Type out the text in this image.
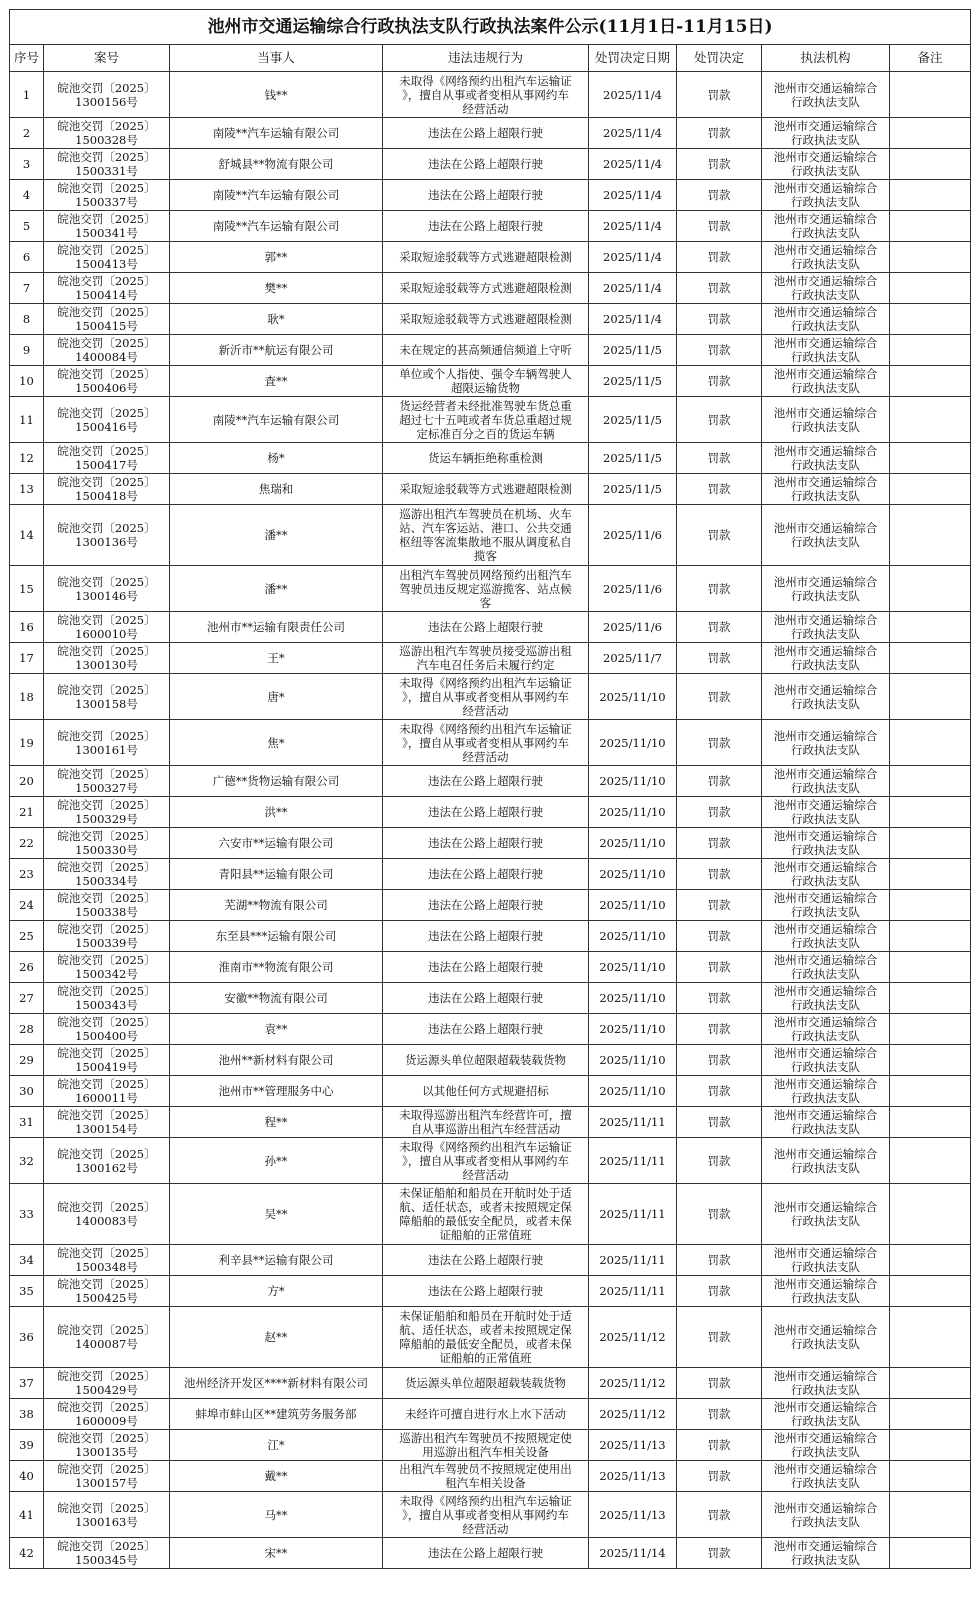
池州市交通运输综合行政执法支队行政执法案件公示(11月1日-11月15日)							
序号	案号	当事人	违法违规行为	处罚决定日期	处罚决定	执法机构	备注
1	皖池交罚〔2025〕
1300156号	钱**	未取得《网络预约出租汽车运输证
》，擅自从事或者变相从事网约车
经营活动	2025/11/4	罚款	池州市交通运输综合
行政执法支队	
2	皖池交罚〔2025〕
1500328号	南陵**汽车运输有限公司	违法在公路上超限行驶	2025/11/4	罚款	池州市交通运输综合
行政执法支队	
3	皖池交罚〔2025〕
1500331号	舒城县**物流有限公司	违法在公路上超限行驶	2025/11/4	罚款	池州市交通运输综合
行政执法支队	
4	皖池交罚〔2025〕
1500337号	南陵**汽车运输有限公司	违法在公路上超限行驶	2025/11/4	罚款	池州市交通运输综合
行政执法支队	
5	皖池交罚〔2025〕
1500341号	南陵**汽车运输有限公司	违法在公路上超限行驶	2025/11/4	罚款	池州市交通运输综合
行政执法支队	
6	皖池交罚〔2025〕
1500413号	郭**	采取短途驳载等方式逃避超限检测	2025/11/4	罚款	池州市交通运输综合
行政执法支队	
7	皖池交罚〔2025〕
1500414号	樊**	采取短途驳载等方式逃避超限检测	2025/11/4	罚款	池州市交通运输综合
行政执法支队	
8	皖池交罚〔2025〕
1500415号	耿*	采取短途驳载等方式逃避超限检测	2025/11/4	罚款	池州市交通运输综合
行政执法支队	
9	皖池交罚〔2025〕
1400084号	新沂市**航运有限公司	未在规定的甚高频通信频道上守听	2025/11/5	罚款	池州市交通运输综合
行政执法支队	
10	皖池交罚〔2025〕
1500406号	査**	单位或个人指使、强令车辆驾驶人
超限运输货物	2025/11/5	罚款	池州市交通运输综合
行政执法支队	
11	皖池交罚〔2025〕
1500416号	南陵**汽车运输有限公司	货运经营者未经批准驾驶车货总重
超过七十五吨或者车货总重超过规
定标准百分之百的货运车辆	2025/11/5	罚款	池州市交通运输综合
行政执法支队	
12	皖池交罚〔2025〕
1500417号	杨*	货运车辆拒绝称重检测	2025/11/5	罚款	池州市交通运输综合
行政执法支队	
13	皖池交罚〔2025〕
1500418号	焦瑞和	采取短途驳载等方式逃避超限检测	2025/11/5	罚款	池州市交通运输综合
行政执法支队	
14	皖池交罚〔2025〕
1300136号	潘**	巡游出租汽车驾驶员在机场、火车
站、汽车客运站、港口、公共交通
枢纽等客流集散地不服从调度私自
揽客	2025/11/6	罚款	池州市交通运输综合
行政执法支队	
15	皖池交罚〔2025〕
1300146号	潘**	出租汽车驾驶员网络预约出租汽车
驾驶员违反规定巡游揽客、站点候
客	2025/11/6	罚款	池州市交通运输综合
行政执法支队	
16	皖池交罚〔2025〕
1600010号	池州市**运输有限责任公司	违法在公路上超限行驶	2025/11/6	罚款	池州市交通运输综合
行政执法支队	
17	皖池交罚〔2025〕
1300130号	王*	巡游出租汽车驾驶员接受巡游出租
汽车电召任务后未履行约定	2025/11/7	罚款	池州市交通运输综合
行政执法支队	
18	皖池交罚〔2025〕
1300158号	唐*	未取得《网络预约出租汽车运输证
》，擅自从事或者变相从事网约车
经营活动	2025/11/10	罚款	池州市交通运输综合
行政执法支队	
19	皖池交罚〔2025〕
1300161号	焦*	未取得《网络预约出租汽车运输证
》，擅自从事或者变相从事网约车
经营活动	2025/11/10	罚款	池州市交通运输综合
行政执法支队	
20	皖池交罚〔2025〕
1500327号	广德**货物运输有限公司	违法在公路上超限行驶	2025/11/10	罚款	池州市交通运输综合
行政执法支队	
21	皖池交罚〔2025〕
1500329号	洪**	违法在公路上超限行驶	2025/11/10	罚款	池州市交通运输综合
行政执法支队	
22	皖池交罚〔2025〕
1500330号	六安市**运输有限公司	违法在公路上超限行驶	2025/11/10	罚款	池州市交通运输综合
行政执法支队	
23	皖池交罚〔2025〕
1500334号	青阳县**运输有限公司	违法在公路上超限行驶	2025/11/10	罚款	池州市交通运输综合
行政执法支队	
24	皖池交罚〔2025〕
1500338号	芜湖**物流有限公司	违法在公路上超限行驶	2025/11/10	罚款	池州市交通运输综合
行政执法支队	
25	皖池交罚〔2025〕
1500339号	东至县***运输有限公司	违法在公路上超限行驶	2025/11/10	罚款	池州市交通运输综合
行政执法支队	
26	皖池交罚〔2025〕
1500342号	淮南市**物流有限公司	违法在公路上超限行驶	2025/11/10	罚款	池州市交通运输综合
行政执法支队	
27	皖池交罚〔2025〕
1500343号	安徽**物流有限公司	违法在公路上超限行驶	2025/11/10	罚款	池州市交通运输综合
行政执法支队	
28	皖池交罚〔2025〕
1500400号	袁**	违法在公路上超限行驶	2025/11/10	罚款	池州市交通运输综合
行政执法支队	
29	皖池交罚〔2025〕
1500419号	池州**新材料有限公司	货运源头单位超限超载装载货物	2025/11/10	罚款	池州市交通运输综合
行政执法支队	
30	皖池交罚〔2025〕
1600011号	池州市**管理服务中心	以其他任何方式规避招标	2025/11/10	罚款	池州市交通运输综合
行政执法支队	
31	皖池交罚〔2025〕
1300154号	程**	未取得巡游出租汽车经营许可，擅
自从事巡游出租汽车经营活动	2025/11/11	罚款	池州市交通运输综合
行政执法支队	
32	皖池交罚〔2025〕
1300162号	孙**	未取得《网络预约出租汽车运输证
》，擅自从事或者变相从事网约车
经营活动	2025/11/11	罚款	池州市交通运输综合
行政执法支队	
33	皖池交罚〔2025〕
1400083号	吴**	未保证船舶和船员在开航时处于适
航、适任状态，或者未按照规定保
障船舶的最低安全配员，或者未保
证船舶的正常值班	2025/11/11	罚款	池州市交通运输综合
行政执法支队	
34	皖池交罚〔2025〕
1500348号	利辛县**运输有限公司	违法在公路上超限行驶	2025/11/11	罚款	池州市交通运输综合
行政执法支队	
35	皖池交罚〔2025〕
1500425号	方*	违法在公路上超限行驶	2025/11/11	罚款	池州市交通运输综合
行政执法支队	
36	皖池交罚〔2025〕
1400087号	赵**	未保证船舶和船员在开航时处于适
航、适任状态，或者未按照规定保
障船舶的最低安全配员，或者未保
证船舶的正常值班	2025/11/12	罚款	池州市交通运输综合
行政执法支队	
37	皖池交罚〔2025〕
1500429号	池州经济开发区****新材料有限公司	货运源头单位超限超载装载货物	2025/11/12	罚款	池州市交通运输综合
行政执法支队	
38	皖池交罚〔2025〕
1600009号	蚌埠市蚌山区**建筑劳务服务部	未经许可擅自进行水上水下活动	2025/11/12	罚款	池州市交通运输综合
行政执法支队	
39	皖池交罚〔2025〕
1300135号	江*	巡游出租汽车驾驶员不按照规定使
用巡游出租汽车相关设备	2025/11/13	罚款	池州市交通运输综合
行政执法支队	
40	皖池交罚〔2025〕
1300157号	戴**	出租汽车驾驶员不按照规定使用出
租汽车相关设备	2025/11/13	罚款	池州市交通运输综合
行政执法支队	
41	皖池交罚〔2025〕
1300163号	马**	未取得《网络预约出租汽车运输证
》，擅自从事或者变相从事网约车
经营活动	2025/11/13	罚款	池州市交通运输综合
行政执法支队	
42	皖池交罚〔2025〕
1500345号	宋**	违法在公路上超限行驶	2025/11/14	罚款	池州市交通运输综合
行政执法支队	
